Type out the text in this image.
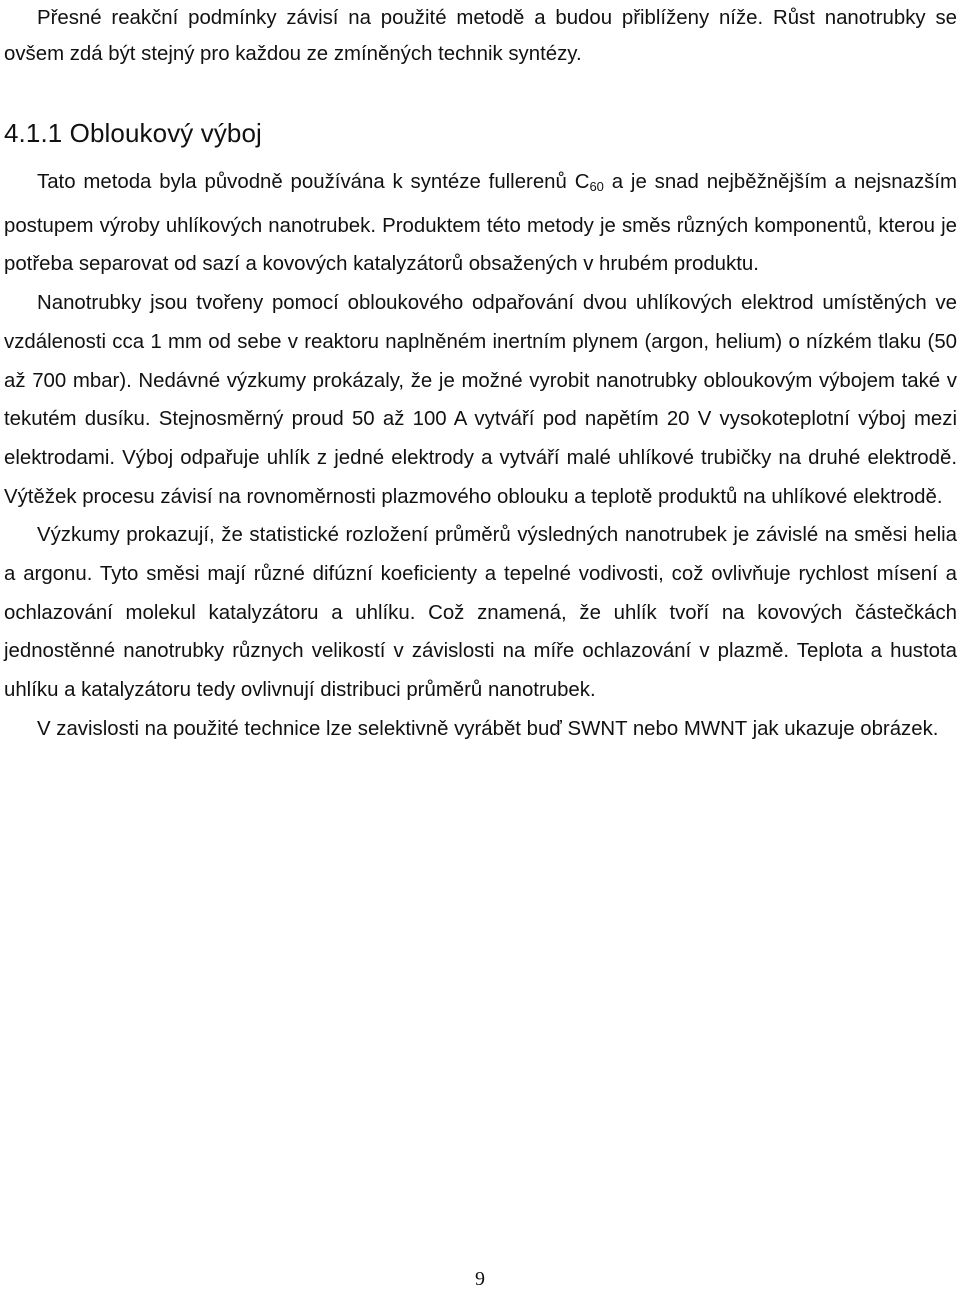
Přesné reakční podmínky závisí na použité metodě a budou přiblíženy níže. Růst nanotrubky se ovšem zdá být stejný pro každou ze zmíněných technik syntézy.

4.1.1 Obloukový výboj

Tato metoda byla původně používána k syntéze fullerenů $C_{60}$ a je snad nejběžnějším a nejsnazším postupem výroby uhlíkových nanotrubek. Produktem této metody je směs různých komponentů, kterou je potřeba separovat od sazí a kovových katalyzátorů obsažených v hrubém produktu.

Nanotrubky jsou tvořeny pomocí obloukového odpařování dvou uhlíkových elektrod umístěných ve vzdálenosti cca 1 mm od sebe v reaktoru naplněném inertním plynem (argon, helium) o nízkém tlaku (50 až 700 mbar). Nedávné výzkumy prokázaly, že je možné vyrobit nanotrubky obloukovým výbojem také v tekutém dusíku. Stejnosměrný proud 50 až 100 A vytváří pod napětím 20 V vysokoteplotní výboj mezi elektrodami. Výboj odpařuje uhlík z jedné elektrody a vytváří malé uhlíkové trubičky na druhé elektrodě. Výtěžek procesu závisí na rovnoměrnosti plazmového oblouku a teplotě produktů na uhlíkové elektrodě.

Výzkumy prokazují, že statistické rozložení průměrů výsledných nanotrubek je závislé na směsi helia a argonu. Tyto směsi mají různé difúzní koeficienty a tepelné vodivosti, což ovlivňuje rychlost mísení a ochlazování molekul katalyzátoru a uhlíku. Což znamená, že uhlík tvoří na kovových částečkách jednostěnné nanotrubky různych velikostí v závislosti na míře ochlazování v plazmě. Teplota a hustota uhlíku a katalyzátoru tedy ovlivnují distribuci průměrů nanotrubek.

V zavislosti na použité technice lze selektivně vyrábět buď SWNT nebo MWNT jak ukazuje obrázek.

9
